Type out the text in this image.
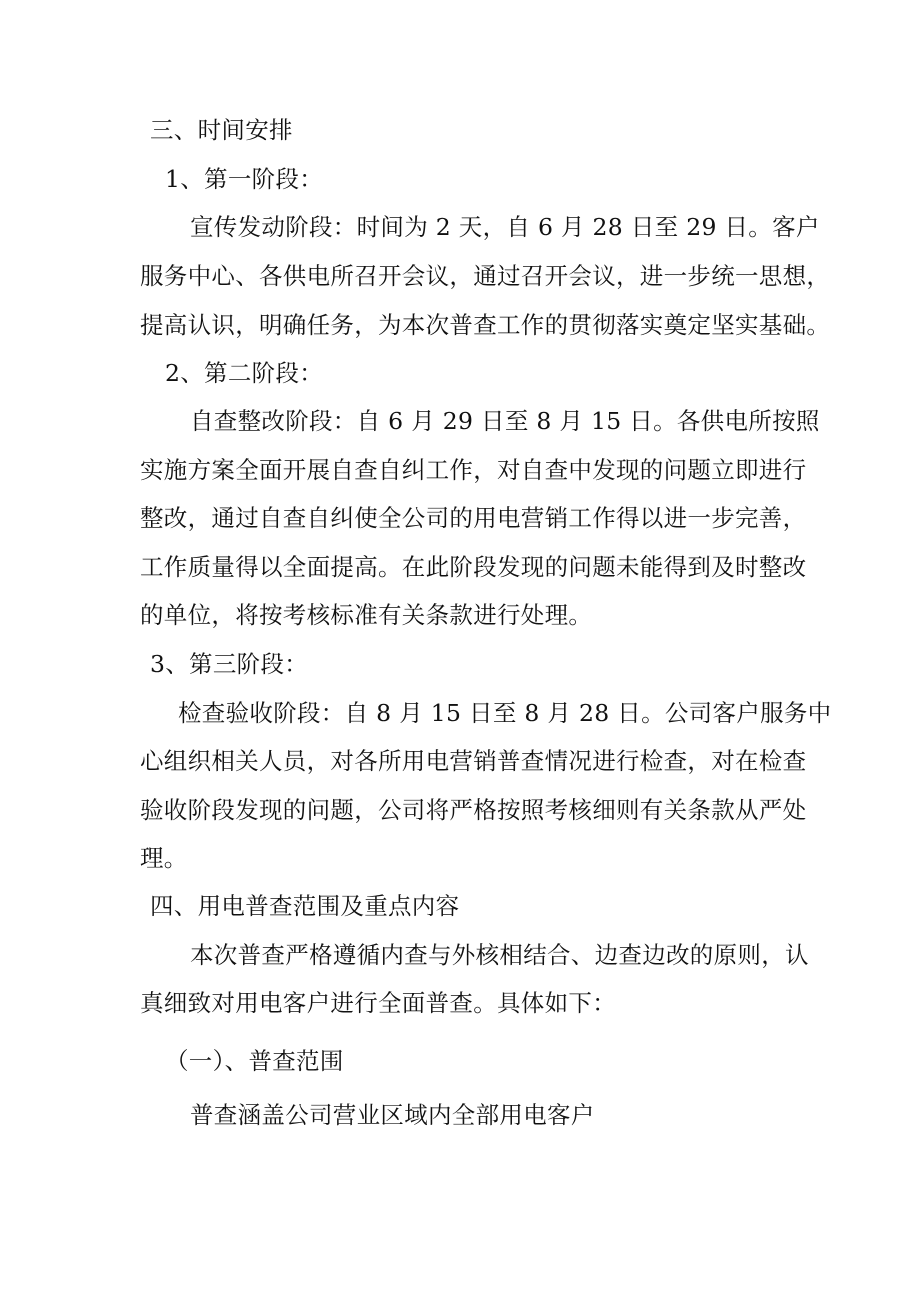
三、时间安排
1、第一阶段：
宣传发动阶段：时间为 2 天，自 6 月 28 日至 29 日。客户
服务中心、各供电所召开会议，通过召开会议，进一步统一思想，
提高认识，明确任务，为本次普查工作的贯彻落实奠定坚实基础。
2、第二阶段：
自查整改阶段：自 6 月 29 日至 8 月 15 日。各供电所按照
实施方案全面开展自查自纠工作，对自查中发现的问题立即进行
整改，通过自查自纠使全公司的用电营销工作得以进一步完善，
工作质量得以全面提高。在此阶段发现的问题未能得到及时整改
的单位，将按考核标准有关条款进行处理。
3、第三阶段：
检查验收阶段：自 8 月 15 日至 8 月 28 日。公司客户服务中
心组织相关人员，对各所用电营销普查情况进行检查，对在检查
验收阶段发现的问题，公司将严格按照考核细则有关条款从严处
理。
四、用电普查范围及重点内容
本次普查严格遵循内查与外核相结合、边查边改的原则，认
真细致对用电客户进行全面普查。具体如下：
（一）、普查范围
普查涵盖公司营业区域内全部用电客户
